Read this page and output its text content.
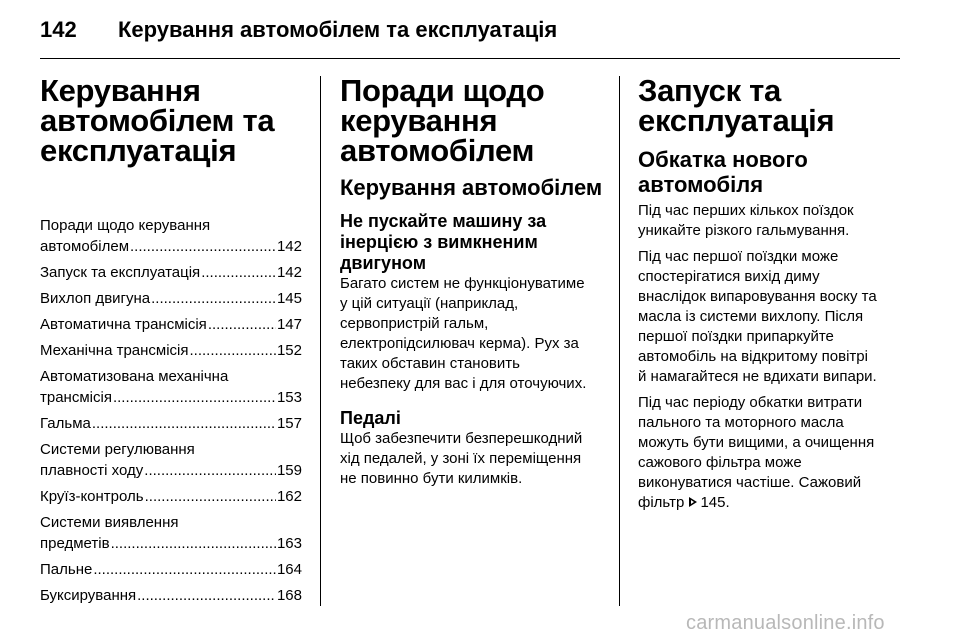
142 Керування автомобілем та експлуатація
Керування
автомобілем та
експлуатація
Поради щодо керування
автомобілем .....	142
Запуск та експлуатація .....	142
Вихлоп двигуна .....	145
Автоматична трансмісія .....	147
Механічна трансмісія .....	152
Автоматизована механічна
трансмісія .....	153
Гальма .....	157
Системи регулювання
плавності ходу .....	159
Круїз-контроль .....	162
Системи виявлення
предметів .....	163
Пальне .....	164
Буксирування .....	168
Поради щодо
керування
автомобілем
Керування автомобілем
Не пускайте машину за
інерцією з вимкненим
двигуном
Багато систем не функціонуватиме
у цій ситуації (наприклад,
сервопристрій гальм,
електропідсилювач керма). Рух за
таких обставин становить
небезпеку для вас і для оточуючих.
Педалі
Щоб забезпечити безперешкодний
хід педалей, у зоні їх переміщення
не повинно бути килимків.
Запуск та
експлуатація
Обкатка нового
автомобіля
Під час перших кількох поїздок
уникайте різкого гальмування.
Під час першої поїздки може
спостерігатися вихід диму
внаслідок випаровування воску та
масла із системи вихлопу. Після
першої поїздки припаркуйте
автомобіль на відкритому повітрі
й намагайтеся не вдихати випари.
Під час періоду обкатки витрати
пального та моторного масла
можуть бути вищими, а очищення
сажового фільтра може
виконуватися частіше. Сажовий
фільтр 145.
carmanualsonline.info
